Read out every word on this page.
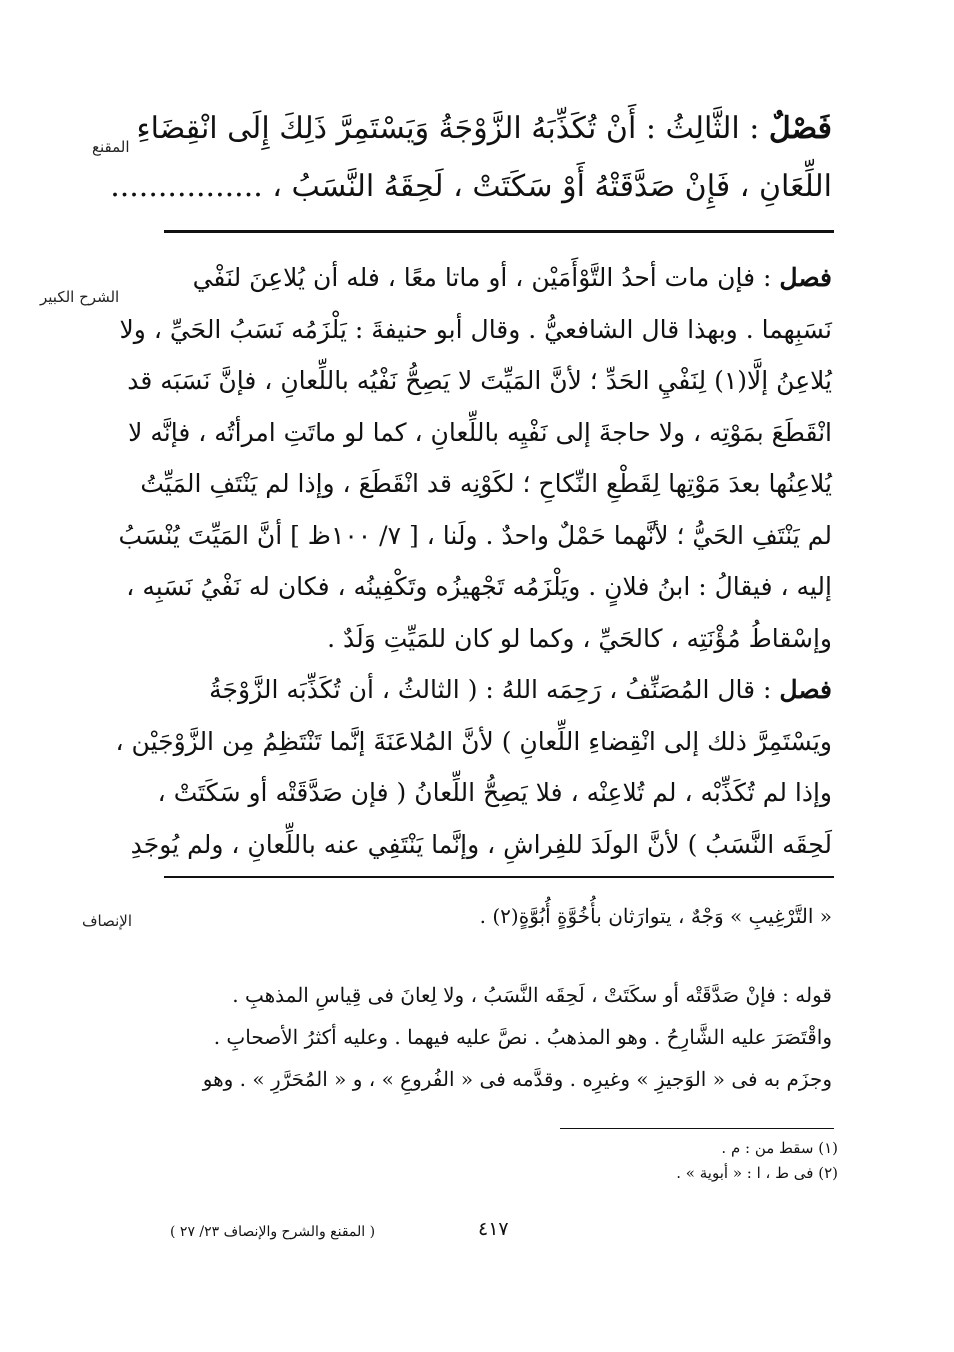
المقنع
الشرح الكبير
الإنصاف
فَصْلٌ : الثَّالِثُ : أَنْ تُكَذِّبَهُ الزَّوْجَةُ وَيَسْتَمِرَّ ذَلِكَ إِلَى انْقِضَاءِ
اللِّعَانِ ، فَإِنْ صَدَّقَتْهُ أَوْ سَكَتَتْ ، لَحِقَهُ النَّسَبُ ، ................
فصل : فإن مات أحدُ التَّوْأَمَيْن ، أو ماتا معًا ، فله أن يُلاعِنَ لنَفْي
نَسَبِهما . وبهذا قال الشافعيُّ . وقال أبو حنيفةَ : يَلْزَمُه نَسَبُ الحَيِّ ، ولا
يُلاعِنُ إلَّا(١) لِنَفْيِ الحَدِّ ؛ لأنَّ المَيِّتَ لا يَصِحُّ نَفْيُه باللِّعانِ ، فإنَّ نَسَبَه قد
انْقَطَعَ بمَوْتِه ، ولا حاجةَ إلى نَفْيِه باللِّعانِ ، كما لو ماتَتِ امرأتُه ، فإنَّه لا
يُلاعِنُها بعدَ مَوْتِها لِقَطْعِ النِّكاحِ ؛ لكَوْنِه قد انْقَطَعَ ، وإذا لم يَنْتَفِ المَيِّتُ
لم يَنْتَفِ الحَيُّ ؛ لأنَّهما حَمْلٌ واحدٌ . ولَنا ، [ ٧/ ١٠٠ظ ] أنَّ المَيِّتَ يُنْسَبُ
إليه ، فيقالُ : ابنُ فلانٍ . ويَلْزَمُه تَجْهيزُه وتَكْفِينُه ، فكان له نَفْيُ نَسَبِه ،
وإسْقاطُ مُؤْنَتِه ، كالحَيِّ ، وكما لو كان للمَيِّتِ وَلَدٌ .
فصل : قال المُصَنِّفُ ، رَحِمَه اللهُ : ( الثالثُ ، أن تُكَذِّبَه الزَّوْجَةُ
ويَسْتَمِرَّ ذلك إلى انْقِضاءِ اللِّعانِ ) لأنَّ المُلاعَنَةَ إنَّما تَنْتَظِمُ مِن الزَّوْجَيْن ،
وإذا لم تُكَذِّبْه ، لم تُلاعِنْه ، فلا يَصِحُّ اللِّعانُ ( فإن صَدَّقَتْه أو سَكَتَتْ ،
لَحِقَه النَّسَبُ ) لأنَّ الولَدَ للفِراشِ ، وإنَّما يَنْتَفِي عنه باللِّعانِ ، ولم يُوجَدِ
« التَّرْغِيبِ » وَجْهٌ ، يتوارَثان بأُخُوَّةٍ أُبُوَّةٍ(٢) .
قوله : فإنْ صَدَّقَتْه أو سكَتَتْ ، لَحِقَه النَّسَبُ ، ولا لِعانَ فى قِياسِ المذهبِ .
واقْتَصَرَ عليه الشَّارِحُ . وهو المذهبُ . نصَّ عليه فيهما . وعليه أكثرُ الأصحابِ .
وجزَم به فى « الوَجيزِ » وغيرِه . وقدَّمه فى « الفُروعِ » ، و « المُحَرَّرِ » . وهو
(١) سقط من : م .
(٢) فى ط ، ا : « أبوية » .
٤١٧
( المقنع والشرح والإنصاف ٢٣/ ٢٧ )
